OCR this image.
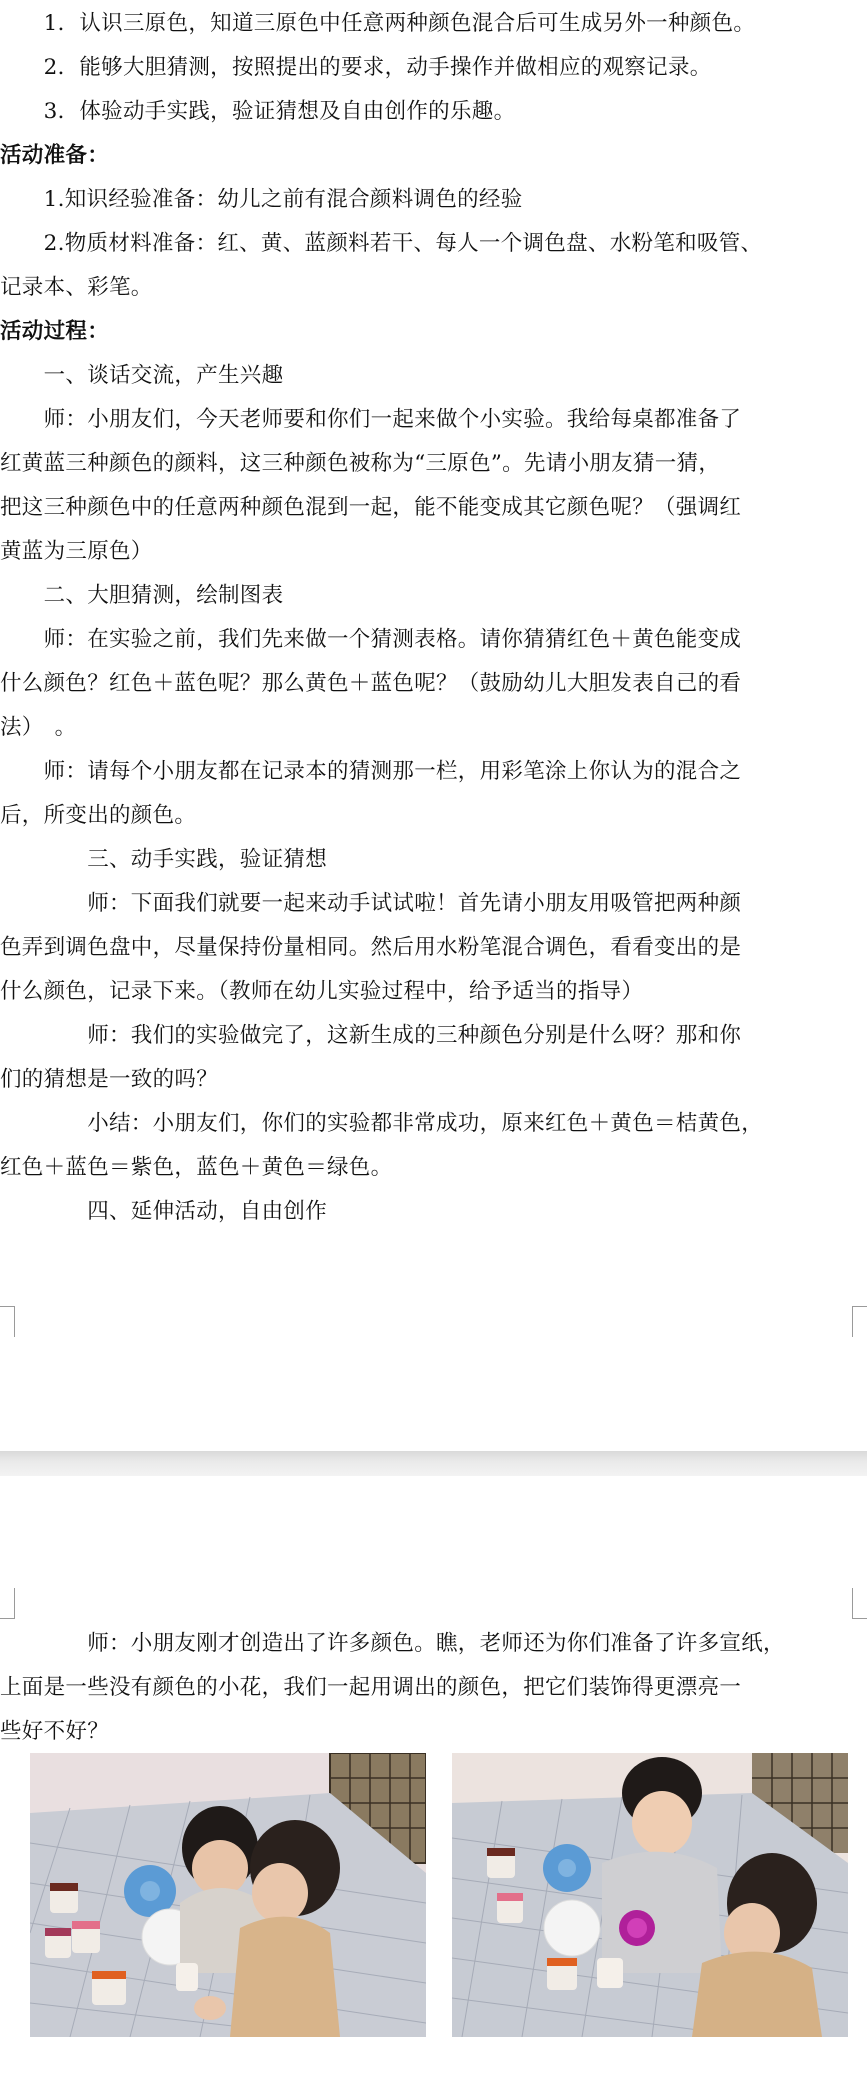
　　1．认识三原色，知道三原色中任意两种颜色混合后可生成另外一种颜色。
　　2．能够大胆猜测，按照提出的要求，动手操作并做相应的观察记录。
　　3．体验动手实践，验证猜想及自由创作的乐趣。
活动准备：
　　1.知识经验准备：幼儿之前有混合颜料调色的经验
　　2.物质材料准备：红、黄、蓝颜料若干、每人一个调色盘、水粉笔和吸管、
记录本、彩笔。
活动过程：
　　一、谈话交流，产生兴趣
　　师：小朋友们，今天老师要和你们一起来做个小实验。我给每桌都准备了
红黄蓝三种颜色的颜料，这三种颜色被称为“三原色”。先请小朋友猜一猜，
把这三种颜色中的任意两种颜色混到一起，能不能变成其它颜色呢？（强调红
黄蓝为三原色）
　　二、大胆猜测，绘制图表
　　师：在实验之前，我们先来做一个猜测表格。请你猜猜红色＋黄色能变成
什么颜色？红色＋蓝色呢？那么黄色＋蓝色呢？（鼓励幼儿大胆发表自己的看
法）　。
　　师：请每个小朋友都在记录本的猜测那一栏，用彩笔涂上你认为的混合之
后，所变出的颜色。
　　　　三、动手实践，验证猜想
　　　　师：下面我们就要一起来动手试试啦！首先请小朋友用吸管把两种颜
色弄到调色盘中，尽量保持份量相同。然后用水粉笔混合调色，看看变出的是
什么颜色，记录下来。（教师在幼儿实验过程中，给予适当的指导）
　　　　师：我们的实验做完了，这新生成的三种颜色分别是什么呀？那和你
们的猜想是一致的吗？
　　　　小结：小朋友们，你们的实验都非常成功，原来红色＋黄色＝桔黄色，
红色＋蓝色＝紫色，蓝色＋黄色＝绿色。
　　　　四、延伸活动，自由创作
　　　　师：小朋友刚才创造出了许多颜色。瞧，老师还为你们准备了许多宣纸，
上面是一些没有颜色的小花，我们一起用调出的颜色，把它们装饰得更漂亮一
些好不好？
